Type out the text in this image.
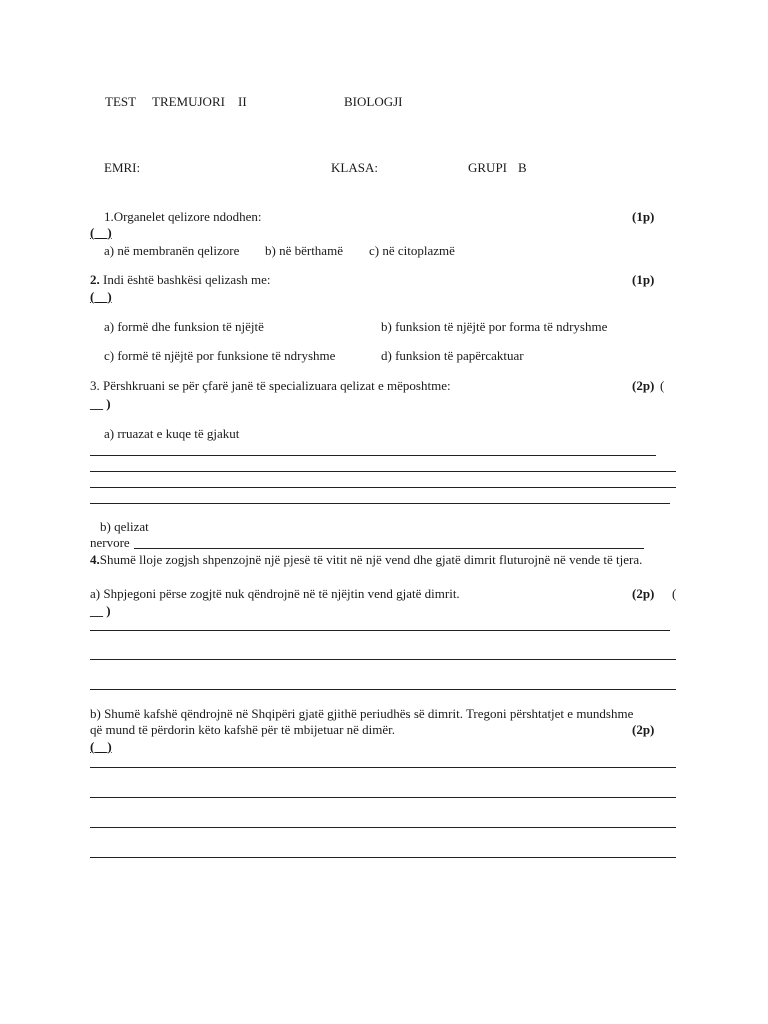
TEST TREMUJORI II	BIOLOGJI
EMRI:	KLASA:	GRUPI B
1.Organelet qelizore ndodhen:	(1p)
(__)
a) në membranën qelizore b) në bërthamë c) në citoplazmë
2. Indi është bashkësi qelizash me:	(1p)
(__)
a) formë dhe funksion të njëjtë	b) funksion të njëjtë por forma të ndryshme
c) formë të njëjtë por funksione të ndryshme	d) funksion të papërcaktuar
3. Përshkruani se për çfarë janë të specializuara qelizat e mëposhtme:	(2p) (
__ )
a) rruazat e kuqe të gjakut
b) qelizat
nervore
4.Shumë lloje zogjsh shpenzojnë një pjesë të vitit në një vend dhe gjatë dimrit fluturojnë në vende të tjera.
a) Shpjegoni përse zogjtë nuk qëndrojnë në të njëjtin vend gjatë dimrit.	(2p) (
__ )
b) Shumë kafshë qëndrojnë në Shqipëri gjatë gjithë periudhës së dimrit. Tregoni përshtatjet e mundshme
që mund të përdorin këto kafshë për të mbijetuar në dimër.	(2p)
(__)
